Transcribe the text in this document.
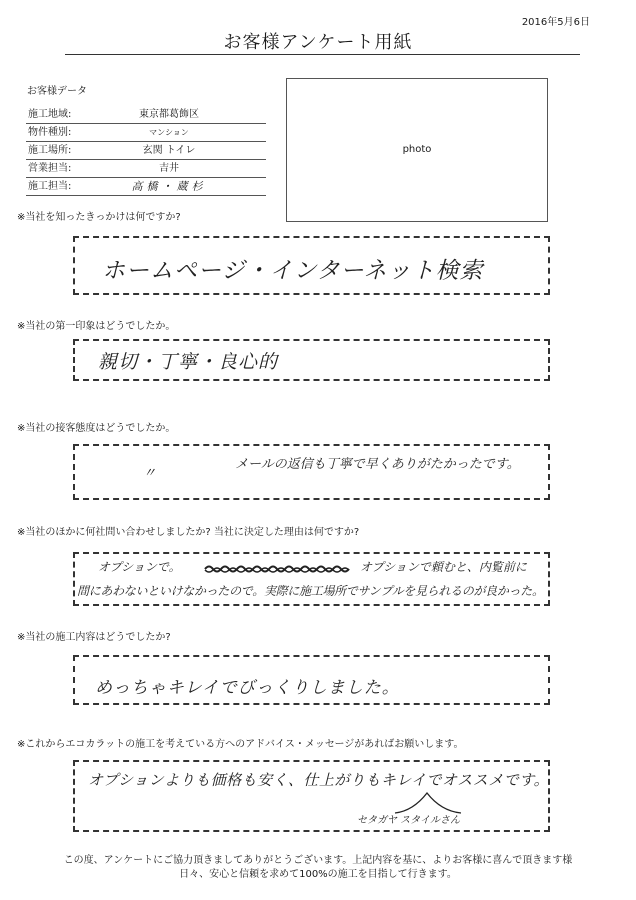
2016年5月6日
お客様アンケート用紙
お客様データ
施工地域:	東京都葛飾区
物件種別:	マンション
施工場所:	玄関 トイレ
営業担当:	吉井
施工担当:	高橋・蔵杉
photo
※当社を知ったきっかけは何ですか?
ホームページ・インターネット検索
※当社の第一印象はどうでしたか。
親切・丁寧・良心的
※当社の接客態度はどうでしたか。
〃
メールの返信も丁寧で早くありがたかったです。
※当社のほかに何社問い合わせしましたか? 当社に決定した理由は何ですか?
オプションで。	オプションで頼むと、内覧前に
間にあわないといけなかったので。実際に施工場所でサンプルを見られるのが良かった。
※当社の施工内容はどうでしたか?
めっちゃキレイでびっくりしました。
※これからエコカラットの施工を考えている方へのアドバイス・メッセージがあればお願いします。
オプションよりも価格も安く、仕上がりもキレイでオススメです。
セタガヤ スタイルさん
この度、アンケートにご協力頂きましてありがとうございます。上記内容を基に、よりお客様に喜んで頂きます様
日々、安心と信頼を求めて100%の施工を目指して行きます。
